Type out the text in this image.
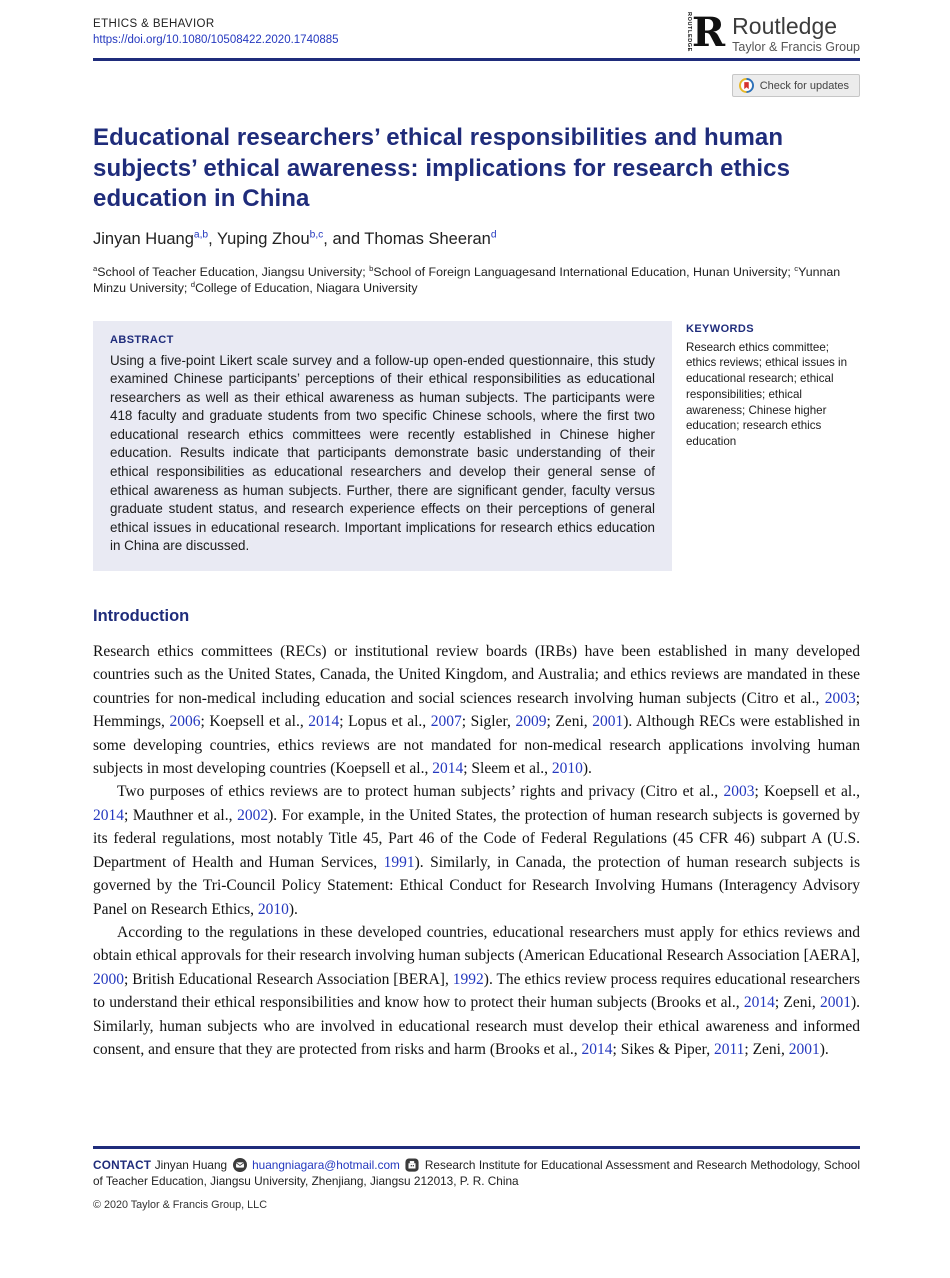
ETHICS & BEHAVIOR
https://doi.org/10.1080/10508422.2020.1740885	ROUTLEDGE R Routledge
Taylor & Francis Group
Check for updates
Educational researchers’ ethical responsibilities and human subjects’ ethical awareness: implications for research ethics education in China
Jinyan Huang$^{a,b}$, Yuping Zhou$^{b,c}$, and Thomas Sheeran$^d$
$^a$School of Teacher Education, Jiangsu University; $^b$School of Foreign Languagesand International Education, Hunan University; $^c$Yunnan Minzu University; $^d$College of Education, Niagara University
ABSTRACT

Using a five-point Likert scale survey and a follow-up open-ended questionnaire, this study examined Chinese participants’ perceptions of their ethical responsibilities as educational researchers as well as their ethical awareness as human subjects. The participants were 418 faculty and graduate students from two specific Chinese schools, where the first two educational research ethics committees were recently established in Chinese higher education. Results indicate that participants demonstrate basic understanding of their ethical responsibilities as educational researchers and develop their general sense of ethical awareness as human subjects. Further, there are significant gender, faculty versus graduate student status, and research experience effects on their perceptions of general ethical issues in educational research. Important implications for research ethics education in China are discussed.

KEYWORDS
Research ethics committee; ethics reviews; ethical issues in educational research; ethical responsibilities; ethical awareness; Chinese higher education; research ethics education
Introduction

Research ethics committees (RECs) or institutional review boards (IRBs) have been established in many developed countries such as the United States, Canada, the United Kingdom, and Australia; and ethics reviews are mandated in these countries for non-medical including education and social sciences research involving human subjects (Citro et al., 2003; Hemmings, 2006; Koepsell et al., 2014; Lopus et al., 2007; Sigler, 2009; Zeni, 2001). Although RECs were established in some developing countries, ethics reviews are not mandated for non-medical research applications involving human subjects in most developing countries (Koepsell et al., 2014; Sleem et al., 2010).

Two purposes of ethics reviews are to protect human subjects’ rights and privacy (Citro et al., 2003; Koepsell et al., 2014; Mauthner et al., 2002). For example, in the United States, the protection of human research subjects is governed by its federal regulations, most notably Title 45, Part 46 of the Code of Federal Regulations (45 CFR 46) subpart A (U.S. Department of Health and Human Services, 1991). Similarly, in Canada, the protection of human research subjects is governed by the Tri-Council Policy Statement: Ethical Conduct for Research Involving Humans (Interagency Advisory Panel on Research Ethics, 2010).

According to the regulations in these developed countries, educational researchers must apply for ethics reviews and obtain ethical approvals for their research involving human subjects (American Educational Research Association [AERA], 2000; British Educational Research Association [BERA], 1992). The ethics review process requires educational researchers to understand their ethical responsibilities and know how to protect their human subjects (Brooks et al., 2014; Zeni, 2001). Similarly, human subjects who are involved in educational research must develop their ethical awareness and informed consent, and ensure that they are protected from risks and harm (Brooks et al., 2014; Sikes & Piper, 2011; Zeni, 2001).

CONTACT Jinyan Huang huangniagara@hotmail.com Research Institute for Educational Assessment and Research Methodology, School of Teacher Education, Jiangsu University, Zhenjiang, Jiangsu 212013, P. R. China

© 2020 Taylor & Francis Group, LLC
